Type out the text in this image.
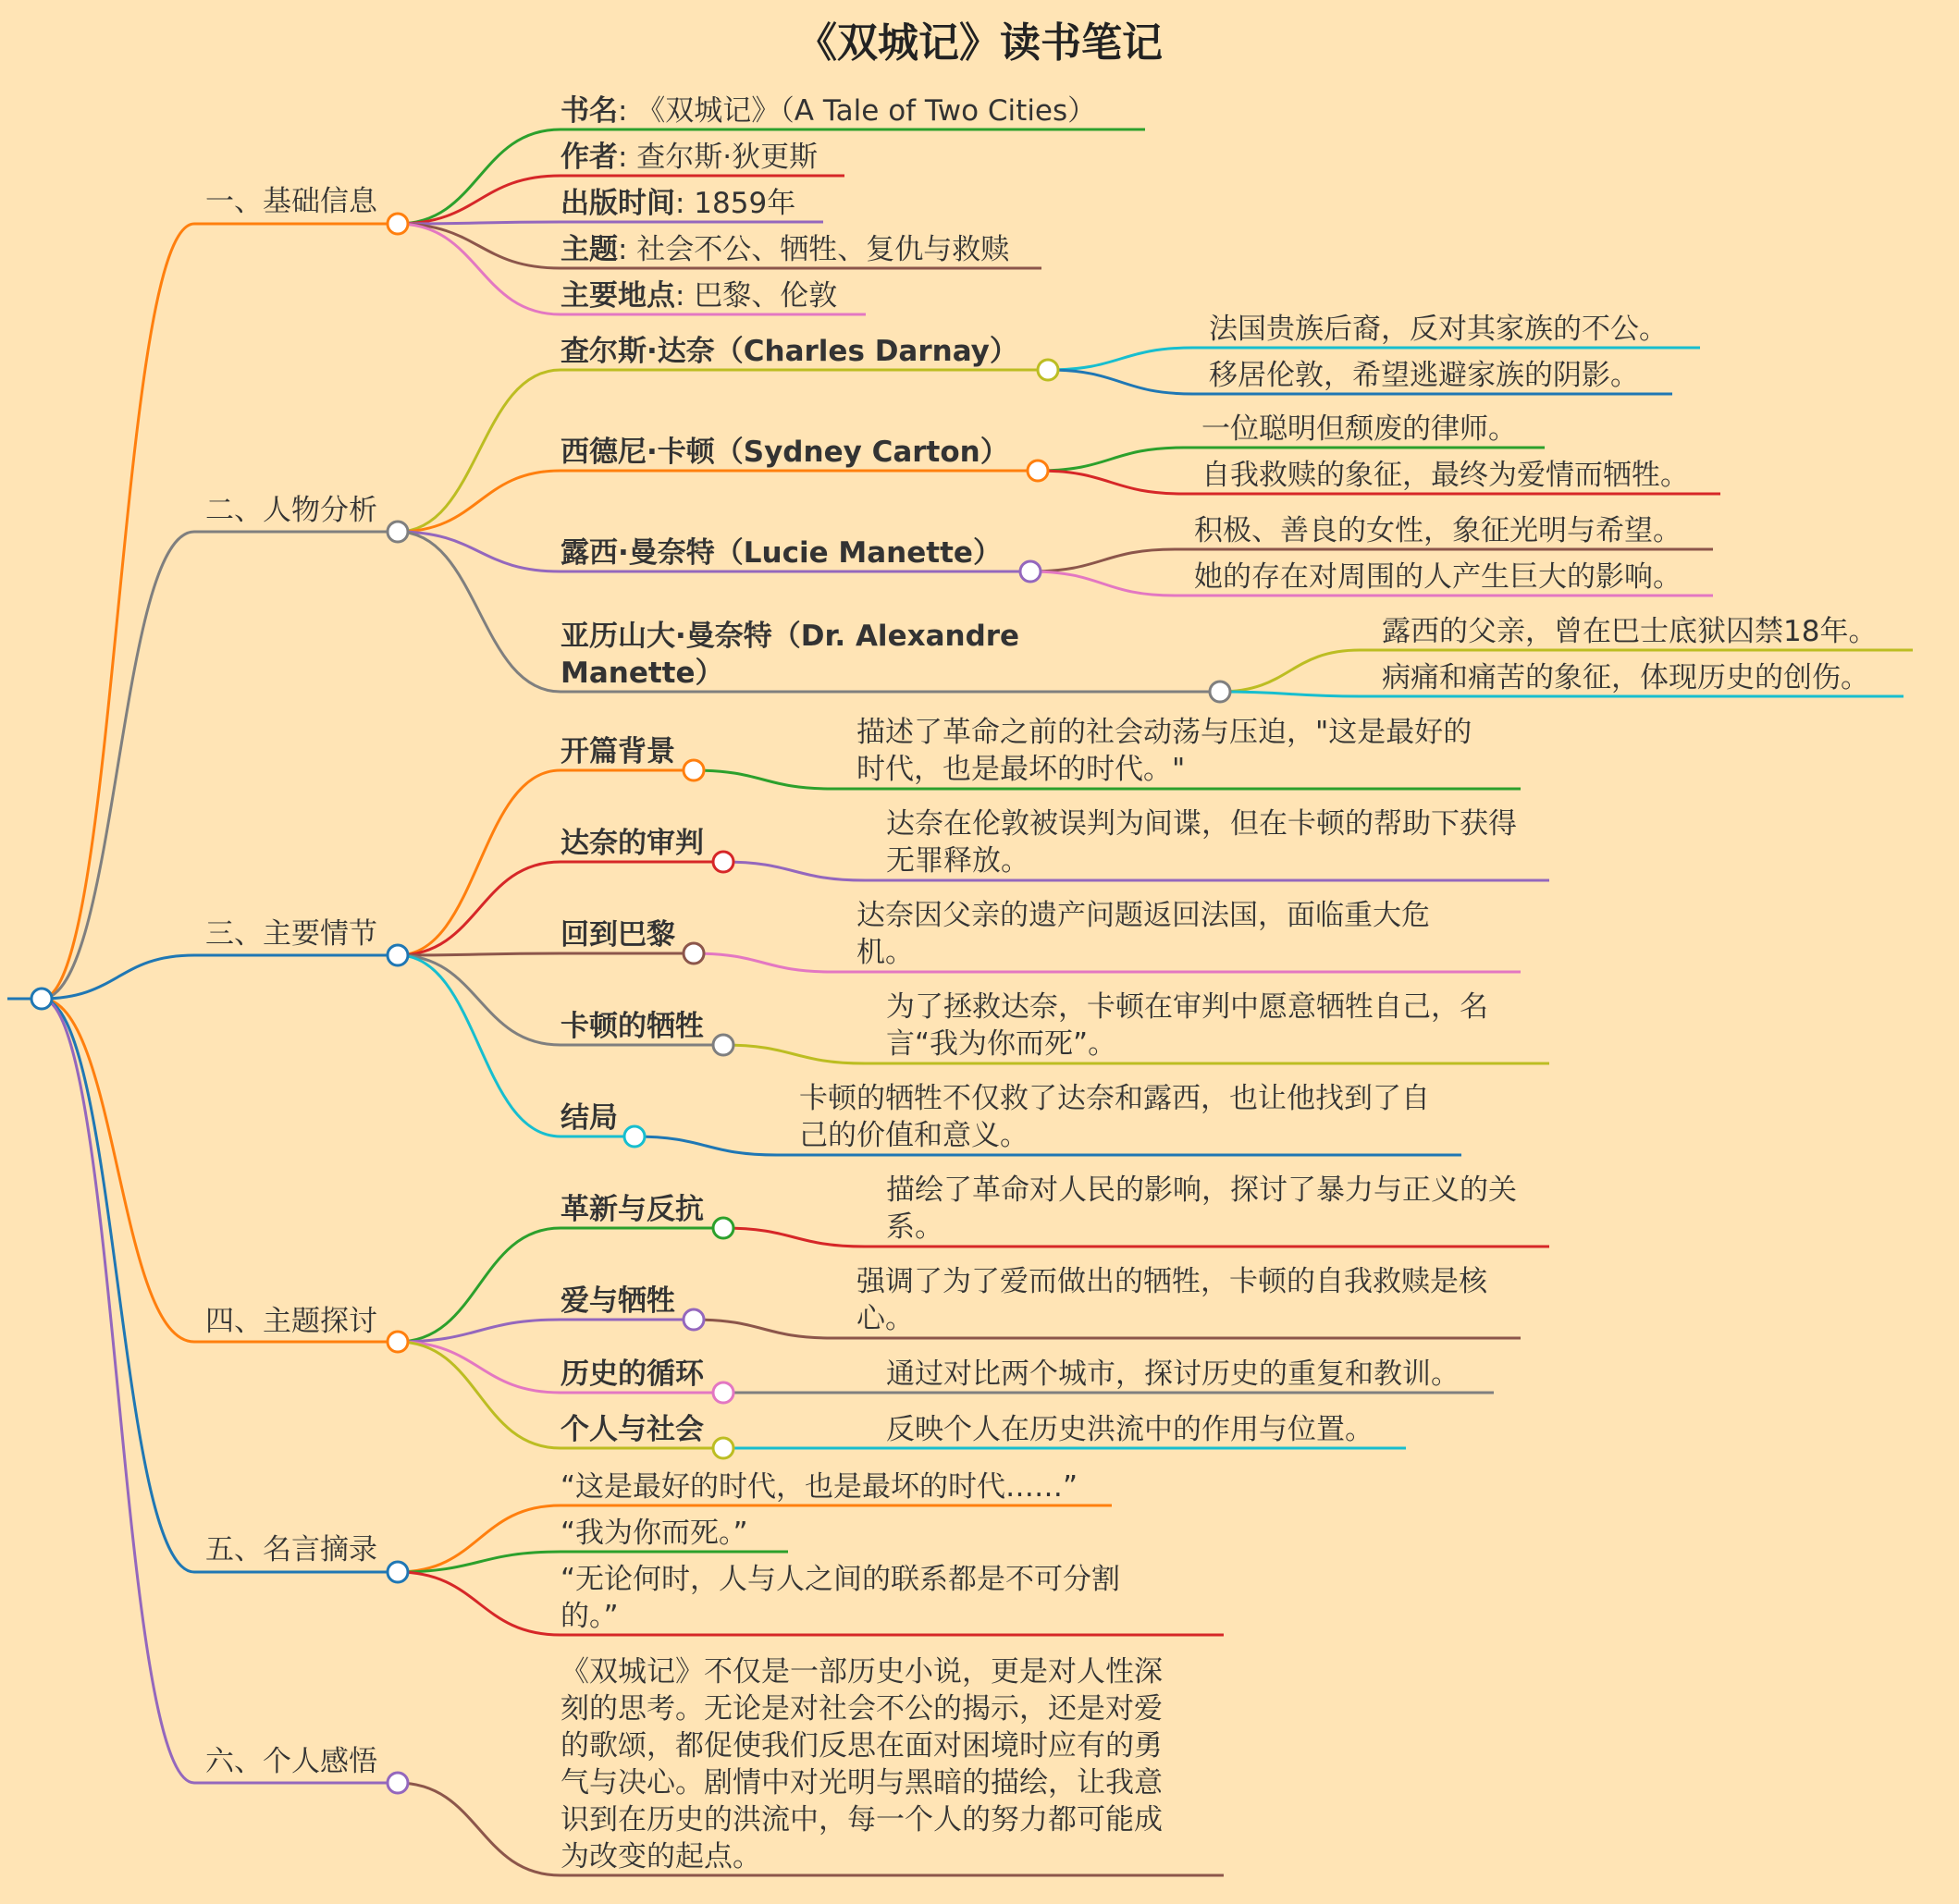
《双城记》读书笔记
一、基础信息
二、人物分析
三、主要情节
四、主题探讨
五、名言摘录
六、个人感悟
书名: 《双城记》（A Tale of Two Cities）
作者: 查尔斯·狄更斯
出版时间: 1859年
主题: 社会不公、牺牲、复仇与救赎
主要地点: 巴黎、伦敦
查尔斯·达奈（Charles Darnay）
法国贵族后裔，反对其家族的不公。
移居伦敦，希望逃避家族的阴影。
西德尼·卡顿（Sydney Carton）
一位聪明但颓废的律师。
自我救赎的象征，最终为爱情而牺牲。
露西·曼奈特（Lucie Manette）
积极、善良的女性，象征光明与希望。
她的存在对周围的人产生巨大的影响。
亚历山大·曼奈特（Dr. Alexandre Manette）
露西的父亲，曾在巴士底狱囚禁18年。
病痛和痛苦的象征，体现历史的创伤。
开篇背景
描述了革命之前的社会动荡与压迫，"这是最好的时代，也是最坏的时代。"
达奈的审判
达奈在伦敦被误判为间谍，但在卡顿的帮助下获得无罪释放。
回到巴黎
达奈因父亲的遗产问题返回法国，面临重大危机。
卡顿的牺牲
为了拯救达奈，卡顿在审判中愿意牺牲自己，名言“我为你而死”。
结局
卡顿的牺牲不仅救了达奈和露西，也让他找到了自己的价值和意义。
革新与反抗
描绘了革命对人民的影响，探讨了暴力与正义的关系。
爱与牺牲
强调了为了爱而做出的牺牲，卡顿的自我救赎是核心。
历史的循环	通过对比两个城市，探讨历史的重复和教训。
个人与社会	反映个人在历史洪流中的作用与位置。
“这是最好的时代，也是最坏的时代……”
“我为你而死。”
“无论何时，人与人之间的联系都是不可分割的。”
《双城记》不仅是一部历史小说，更是对人性深刻的思考。无论是对社会不公的揭示，还是对爱的歌颂，都促使我们反思在面对困境时应有的勇气与决心。剧情中对光明与黑暗的描绘，让我意识到在历史的洪流中，每一个人的努力都可能成为改变的起点。
